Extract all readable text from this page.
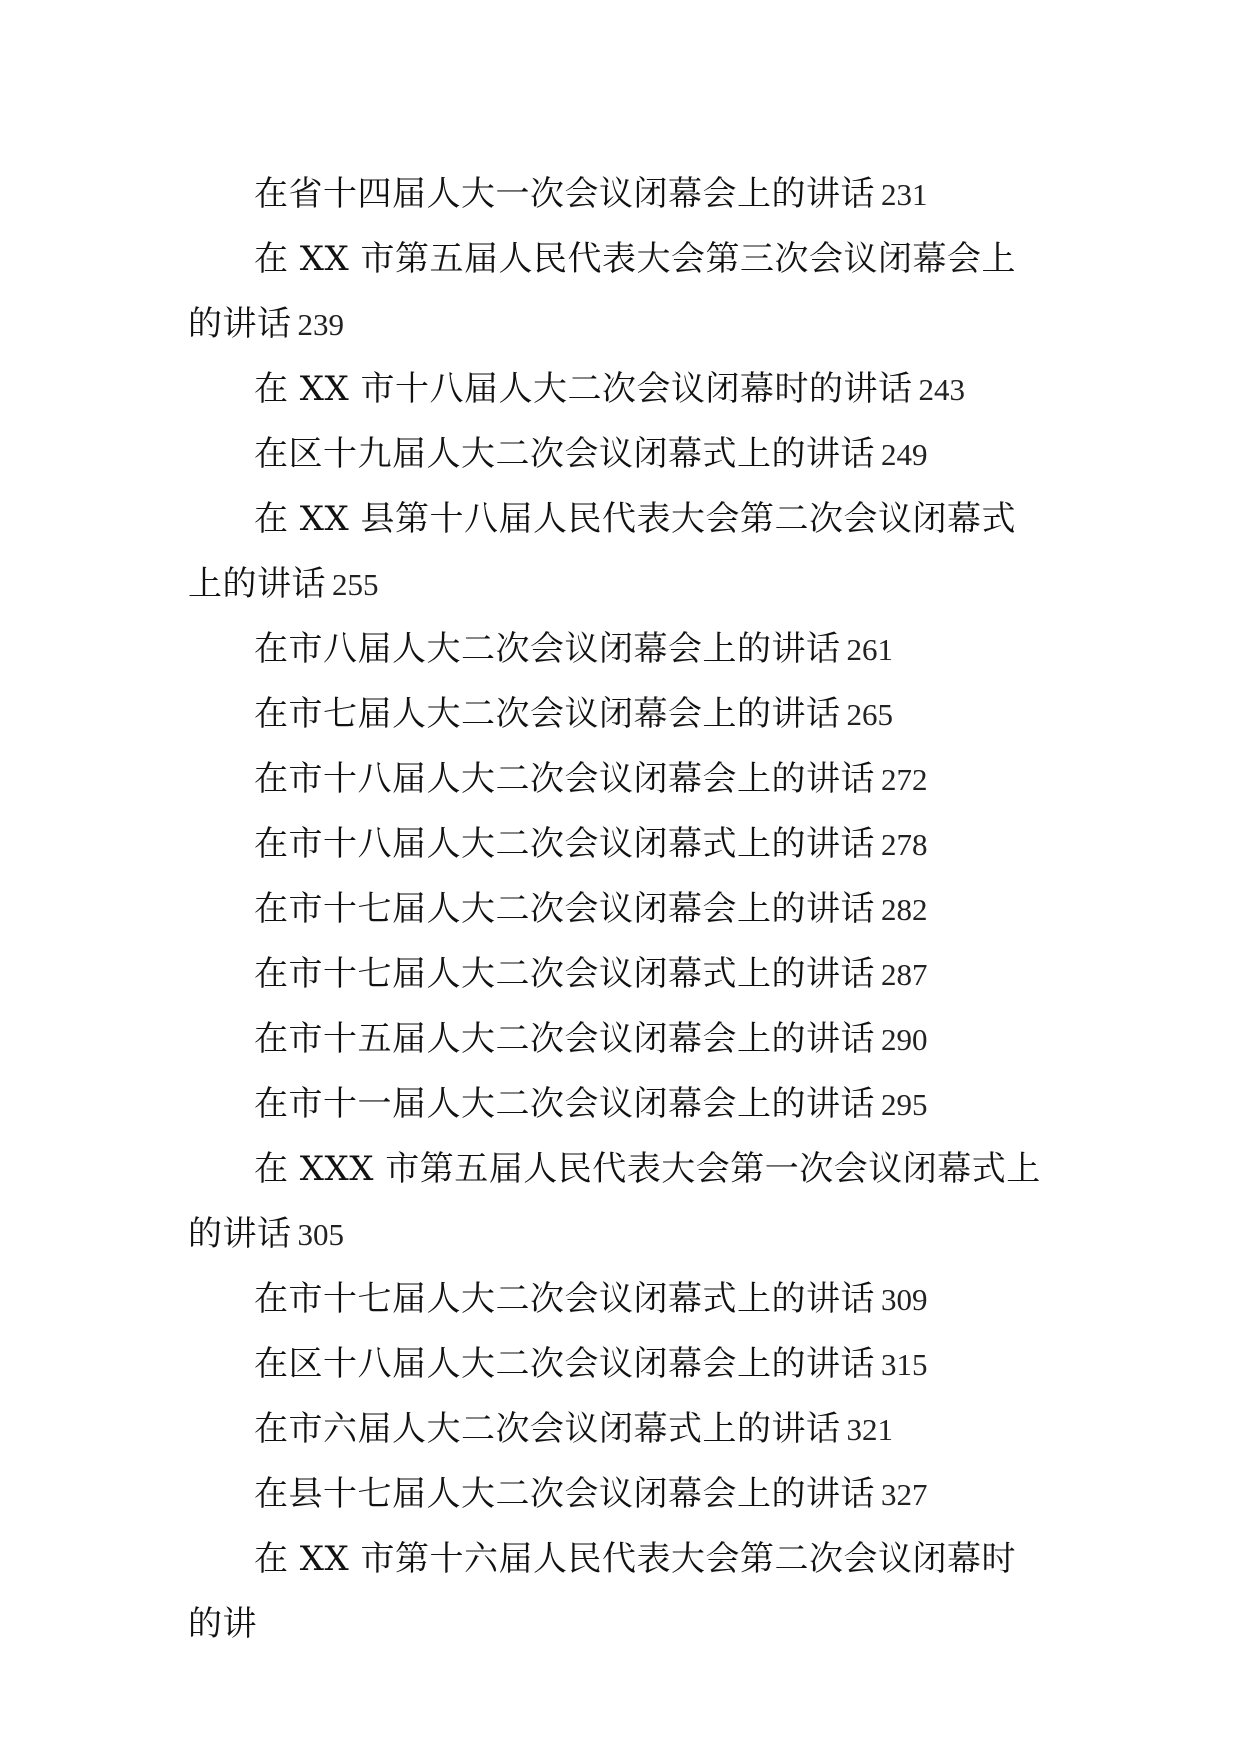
在省十四届人大一次会议闭幕会上的讲话 231
在 XX 市第五届人民代表大会第三次会议闭幕会上的讲话 239
在 XX 市十八届人大二次会议闭幕时的讲话 243
在区十九届人大二次会议闭幕式上的讲话 249
在 XX 县第十八届人民代表大会第二次会议闭幕式上的讲话 255
在市八届人大二次会议闭幕会上的讲话 261
在市七届人大二次会议闭幕会上的讲话 265
在市十八届人大二次会议闭幕会上的讲话 272
在市十八届人大二次会议闭幕式上的讲话 278
在市十七届人大二次会议闭幕会上的讲话 282
在市十七届人大二次会议闭幕式上的讲话 287
在市十五届人大二次会议闭幕会上的讲话 290
在市十一届人大二次会议闭幕会上的讲话 295
在 XXX 市第五届人民代表大会第一次会议闭幕式上的讲话 305
在市十七届人大二次会议闭幕式上的讲话 309
在区十八届人大二次会议闭幕会上的讲话 315
在市六届人大二次会议闭幕式上的讲话 321
在县十七届人大二次会议闭幕会上的讲话 327
在 XX 市第十六届人民代表大会第二次会议闭幕时的讲
